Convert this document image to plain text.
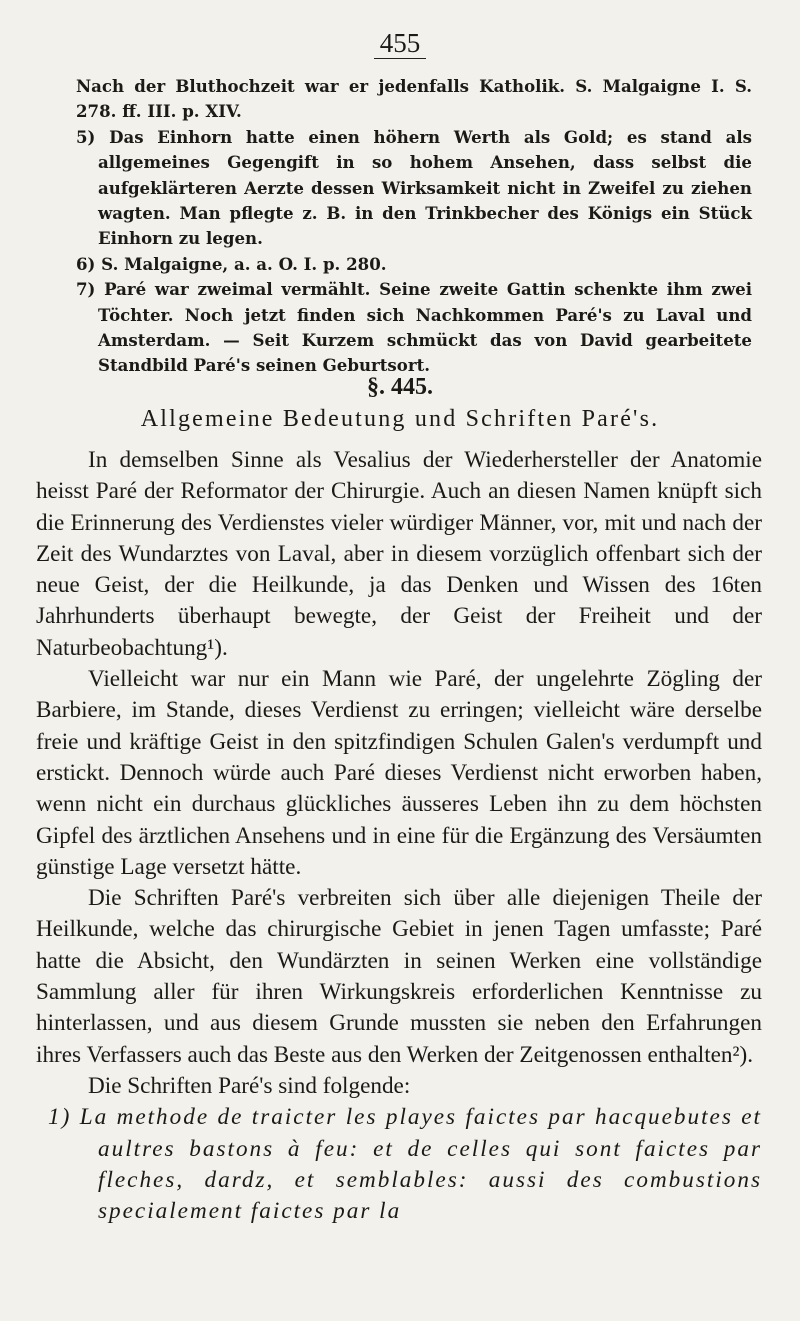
455

Nach der Bluthochzeit war er jedenfalls Katholik. S. Malgaigne I. S. 278. ff. III. p. XIV.

5) Das Einhorn hatte einen höhern Werth als Gold; es stand als allgemeines Gegengift in so hohem Ansehen, dass selbst die aufgeklärteren Aerzte dessen Wirksamkeit nicht in Zweifel zu ziehen wagten. Man pflegte z. B. in den Trinkbecher des Königs ein Stück Einhorn zu legen.

6) S. Malgaigne, a. a. O. I. p. 280.

7) Paré war zweimal vermählt. Seine zweite Gattin schenkte ihm zwei Töchter. Noch jetzt finden sich Nachkommen Paré's zu Laval und Amsterdam. — Seit Kurzem schmückt das von David gearbeitete Standbild Paré's seinen Geburtsort.

§. 445.
Allgemeine Bedeutung und Schriften Paré's.

In demselben Sinne als Vesalius der Wiederhersteller der Anatomie heisst Paré der Reformator der Chirurgie. Auch an diesen Namen knüpft sich die Erinnerung des Verdienstes vieler würdiger Männer, vor, mit und nach der Zeit des Wundarztes von Laval, aber in diesem vorzüglich offenbart sich der neue Geist, der die Heilkunde, ja das Denken und Wissen des 16ten Jahrhunderts überhaupt bewegte, der Geist der Freiheit und der Naturbeobachtung¹).

Vielleicht war nur ein Mann wie Paré, der ungelehrte Zögling der Barbiere, im Stande, dieses Verdienst zu erringen; vielleicht wäre derselbe freie und kräftige Geist in den spitzfindigen Schulen Galen's verdumpft und erstickt. Dennoch würde auch Paré dieses Verdienst nicht erworben haben, wenn nicht ein durchaus glückliches äusseres Leben ihn zu dem höchsten Gipfel des ärztlichen Ansehens und in eine für die Ergänzung des Versäumten günstige Lage versetzt hätte.

Die Schriften Paré's verbreiten sich über alle diejenigen Theile der Heilkunde, welche das chirurgische Gebiet in jenen Tagen umfasste; Paré hatte die Absicht, den Wundärzten in seinen Werken eine vollständige Sammlung aller für ihren Wirkungskreis erforderlichen Kenntnisse zu hinterlassen, und aus diesem Grunde mussten sie neben den Erfahrungen ihres Verfassers auch das Beste aus den Werken der Zeitgenossen enthalten²).

Die Schriften Paré's sind folgende:

1) La methode de traicter les playes faictes par hacquebutes et aultres bastons à feu: et de celles qui sont faictes par fleches, dardz, et semblables: aussi des combustions specialement faictes par la
